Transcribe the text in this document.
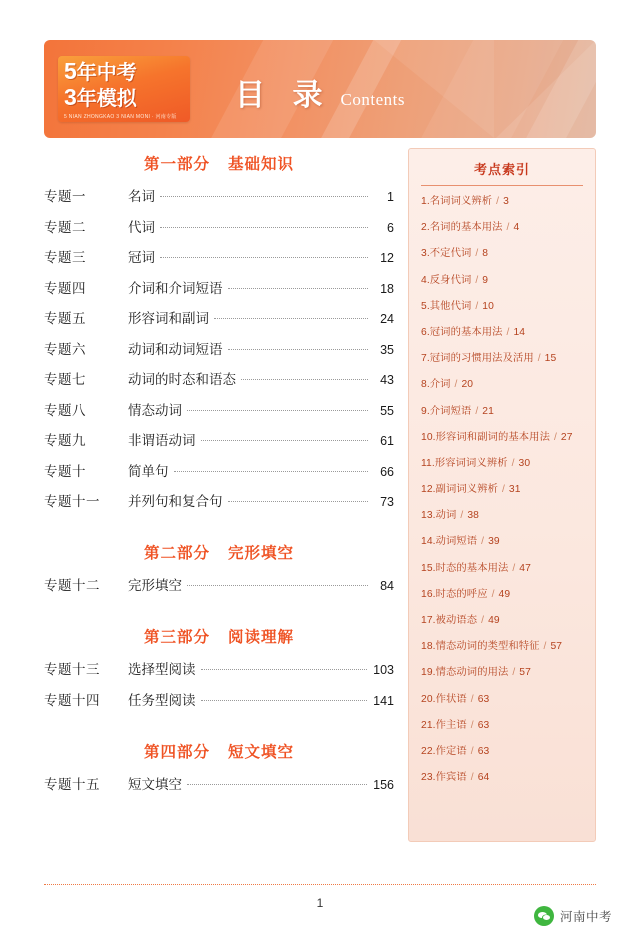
5年中考
3年模拟
5 NIAN ZHONGKAO 3 NIAN MONI · 河南专版
目 录 Contents
第一部分 基础知识
专题一	名词	1
专题二	代词	6
专题三	冠词	12
专题四	介词和介词短语	18
专题五	形容词和副词	24
专题六	动词和动词短语	35
专题七	动词的时态和语态	43
专题八	情态动词	55
专题九	非谓语动词	61
专题十	简单句	66
专题十一	并列句和复合句	73
第二部分 完形填空
专题十二	完形填空	84
第三部分 阅读理解
专题十三	选择型阅读	103
专题十四	任务型阅读	141
第四部分 短文填空
专题十五	短文填空	156
考点索引
1.名词词义辨析 / 3
2.名词的基本用法 / 4
3.不定代词 / 8
4.反身代词 / 9
5.其他代词 / 10
6.冠词的基本用法 / 14
7.冠词的习惯用法及活用 / 15
8.介词 / 20
9.介词短语 / 21
10.形容词和副词的基本用法 / 27
11.形容词词义辨析 / 30
12.副词词义辨析 / 31
13.动词 / 38
14.动词短语 / 39
15.时态的基本用法 / 47
16.时态的呼应 / 49
17.被动语态 / 49
18.情态动词的类型和特征 / 57
19.情态动词的用法 / 57
20.作状语 / 63
21.作主语 / 63
22.作定语 / 63
23.作宾语 / 64
1
河南中考
